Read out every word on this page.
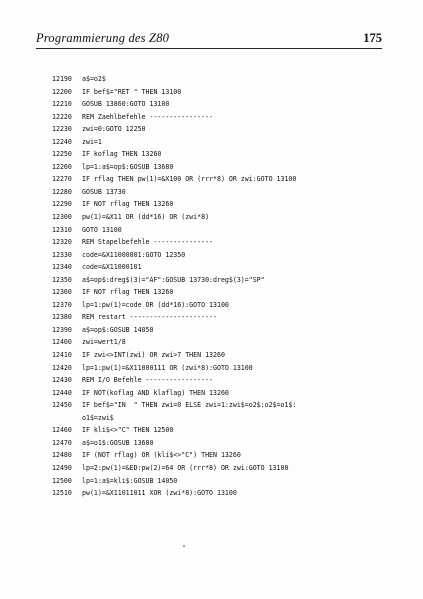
Programmierung des Z80	175
12190 a$=o2$
12200 IF bef$="RET " THEN 13100
12210 GOSUB 13860:GOTO 13100
12220 REM Zaehlbefehle ----------------
12230 zwi=0:GOTO 12250
12240 zwi=1
12250 IF koflag THEN 13260
12260 lp=1:a$=op$:GOSUB 13680
12270 IF rflag THEN pw(1)=&X100 OR (rrr*8) OR zwi:GOTO 13100
12280 GOSUB 13730
12290 IF NOT rflag THEN 13260
12300 pw(1)=&X11 OR (dd*16) OR (zwi*8)
12310 GOTO 13100
12320 REM Stapelbefehle ---------------
12330 code=&X11000001:GOTO 12350
12340 code=&X11000101
12350 a$=op$:dreg$(3)="AF":GOSUB 13730:dreg$(3)="SP"
12360 IF NOT rflag THEN 13260
12370 lp=1:pw(1)=code OR (dd*16):GOTO 13100
12380 REM restart ----------------------
12390 a$=op$:GOSUB 14050
12400 zwi=wert1/8
12410 IF zwi<>INT(zwi) OR zwi>7 THEN 13260
12420 lp=1:pw(1)=&X11000111 OR (zwi*8):GOTO 13100
12430 REM I/O Befehle -----------------
12440 IF NOT(koflag AND klaflag) THEN 13260
12450 IF bef$="IN  " THEN zwi=0 ELSE zwi=1:zwi$=o2$:o2$=o1$:
o1$=zwi$
12460 IF kli$<>"C" THEN 12500
12470 a$=o1$:GOSUB 13680
12480 IF (NOT rflag) OR (kli$<>"C") THEN 13260
12490 lp=2:pw(1)=&ED:pw(2)=64 OR (rrr*8) OR zwi:GOTO 13100
12500 lp=1:a$=kli$:GOSUB 14050
12510 pw(1)=&X11011011 XOR (zwi*8):GOTO 13100
